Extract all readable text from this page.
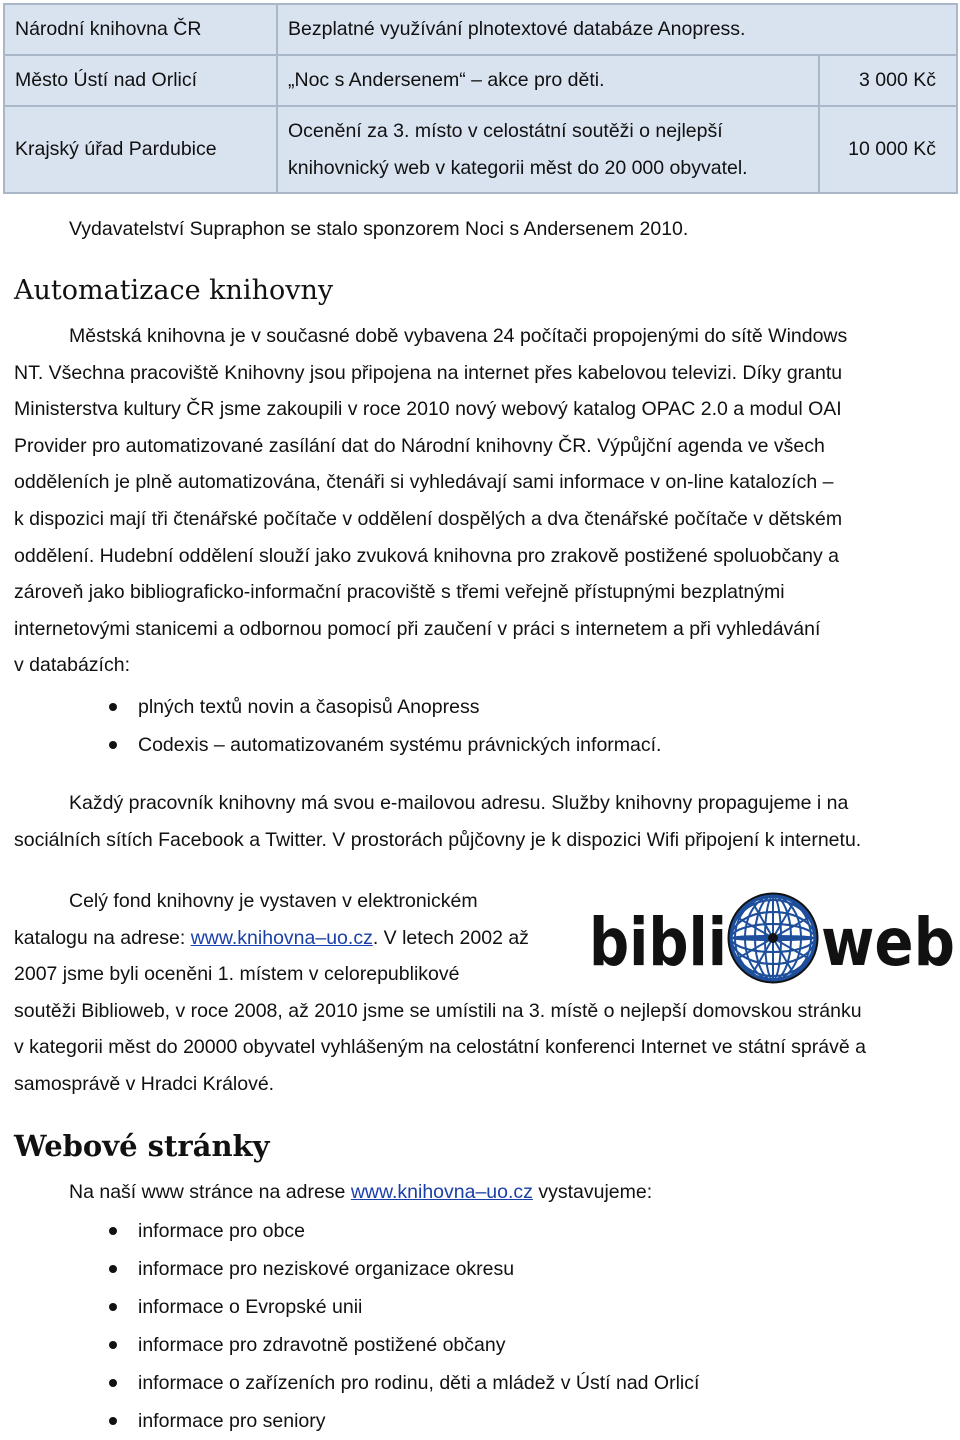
Národní knihovna ČR	Bezplatné využívání plnotextové databáze Anopress.	
Město Ústí nad Orlicí	„Noc s Andersenem“ – akce pro děti.	3 000 Kč
Krajský úřad Pardubice	Ocenění za 3. místo v celostátní soutěži o nejlepší knihovnický web v kategorii měst do 20 000 obyvatel.	10 000 Kč
Vydavatelství Supraphon se stalo sponzorem Noci s Andersenem 2010.
Automatizace knihovny
Městská knihovna je v současné době vybavena 24 počítači propojenými do sítě Windows
NT. Všechna pracoviště Knihovny jsou připojena na internet přes kabelovou televizi. Díky grantu
Ministerstva kultury ČR jsme zakoupili v roce 2010 nový webový katalog OPAC 2.0 a modul OAI
Provider pro automatizované zasílání dat do Národní knihovny ČR. Výpůjční agenda ve všech
odděleních je plně automatizována, čtenáři si vyhledávají sami informace v on-line katalozích –
k dispozici mají tři čtenářské počítače v oddělení dospělých a dva čtenářské počítače v dětském
oddělení. Hudební oddělení slouží jako zvuková knihovna pro zrakově postižené spoluobčany a
zároveň jako bibliograficko-informační pracoviště s třemi veřejně přístupnými bezplatnými
internetovými stanicemi a odbornou pomocí při zaučení v práci s internetem a při vyhledávání
v databázích:
plných textů novin a časopisů Anopress
Codexis – automatizovaném systému právnických informací.
Každý pracovník knihovny má svou e-mailovou adresu. Služby knihovny propagujeme i na
sociálních sítích Facebook a Twitter. V prostorách půjčovny je k dispozici Wifi připojení k internetu.
Celý fond knihovny je vystaven v elektronickém
katalogu na adrese: www.knihovna–uo.cz. V letech 2002 až
2007 jsme byli oceněni 1. místem v celorepublikové
soutěži Biblioweb, v roce 2008, až 2010 jsme se umístili na 3. místě o nejlepší domovskou stránku
v kategorii měst do 20000 obyvatel vyhlášeným na celostátní konferenci Internet ve státní správě a
samosprávě v Hradci Králové.
bibli web
Webové stránky
Na naší www stránce na adrese www.knihovna–uo.cz vystavujeme:
informace pro obce
informace pro neziskové organizace okresu
informace o Evropské unii
informace pro zdravotně postižené občany
informace o zařízeních pro rodinu, děti a mládež v Ústí nad Orlicí
informace pro seniory
